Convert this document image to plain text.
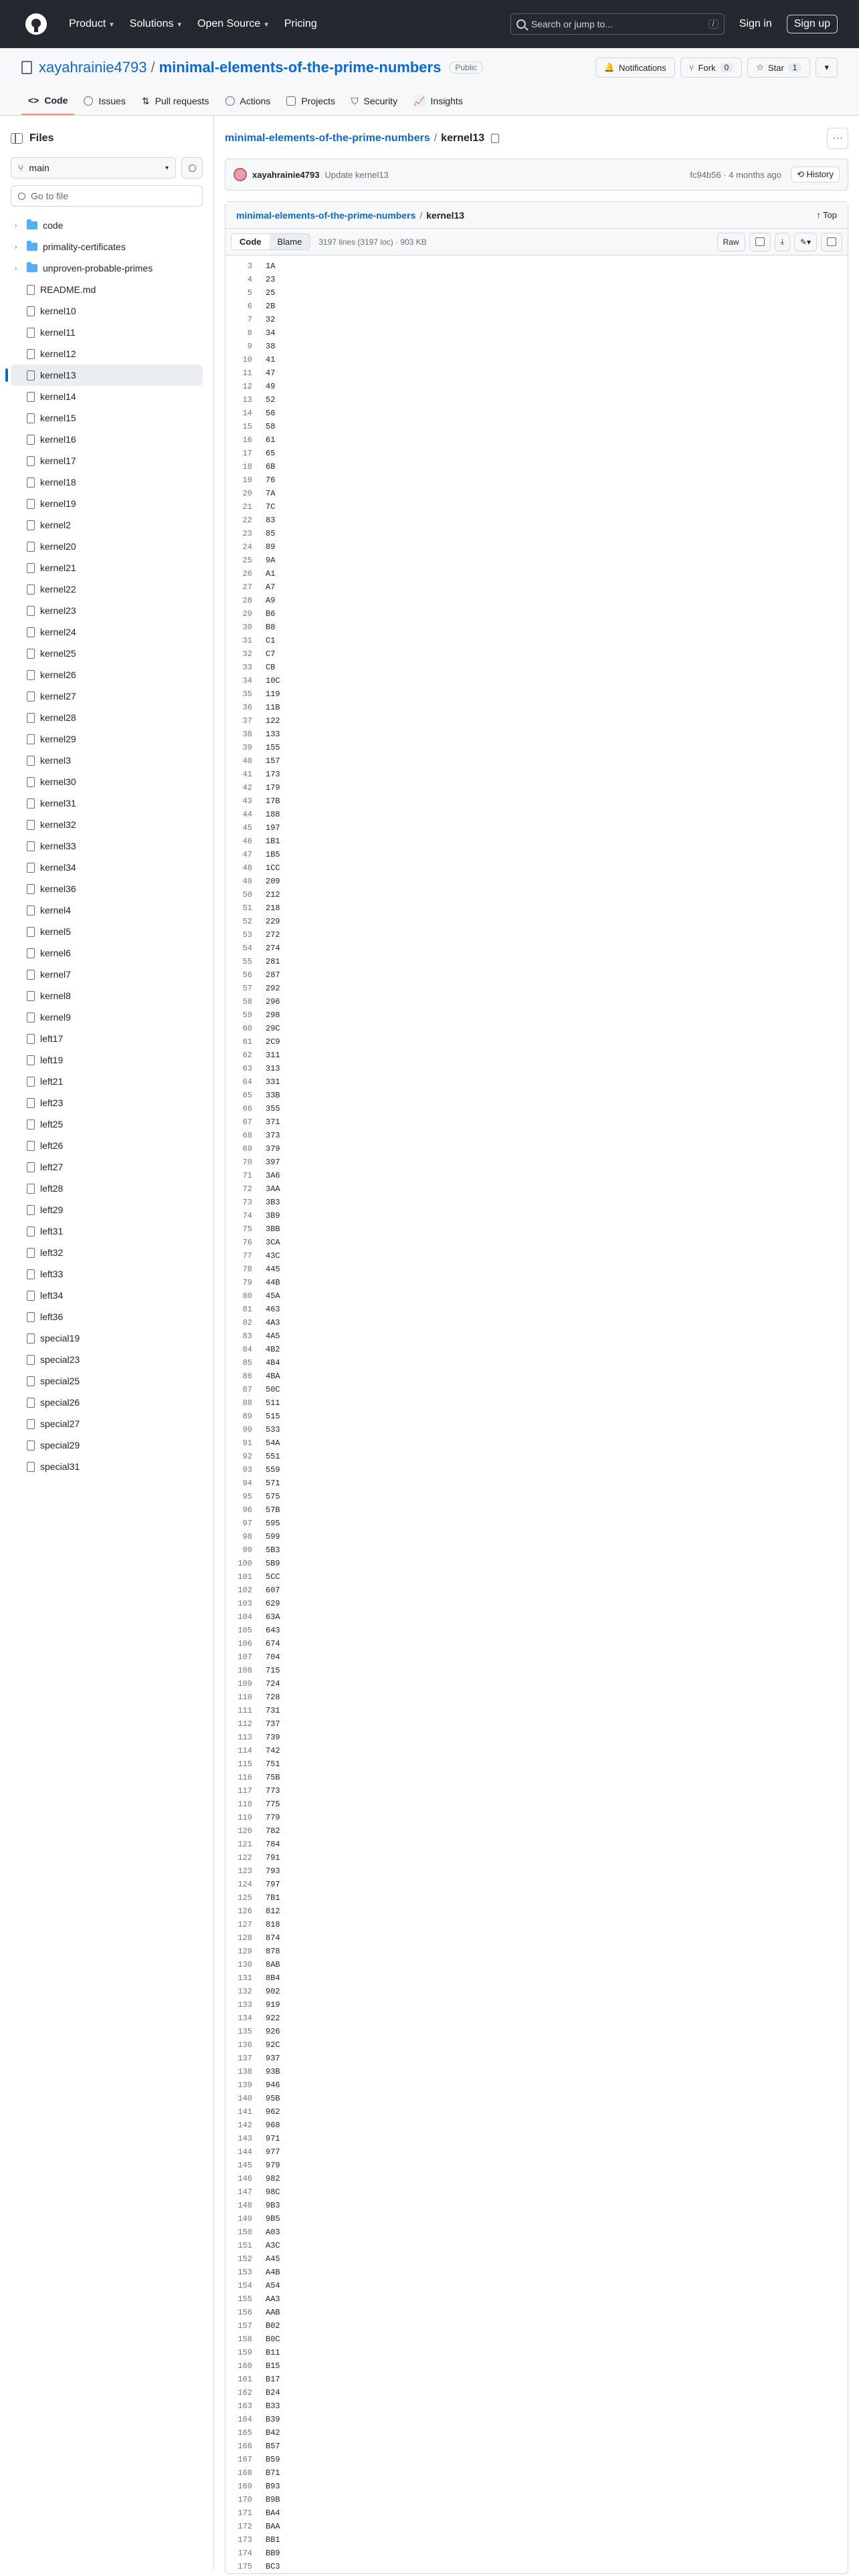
Product ▾ Solutions ▾ Open Source ▾ Pricing	Search or jump to...	/	Sign in	Sign up
xayahrainie4793 / minimal-elements-of-the-prime-numbers	Public	🔔 Notifications	⑂ Fork	0	☆ Star	1	▾
<> Code	Issues ⇅ Pull requests	Actions	Projects ⛉ Security 📈 Insights
Files
⑂ main	▾
Go to file
›	code
›	primality-certificates
›	unproven-probable-primes
README.md
kernel10
kernel11
kernel12
kernel13
kernel14
kernel15
kernel16
kernel17
kernel18
kernel19
kernel2
kernel20
kernel21
kernel22
kernel23
kernel24
kernel25
kernel26
kernel27
kernel28
kernel29
kernel3
kernel30
kernel31
kernel32
kernel33
kernel34
kernel36
kernel4
kernel5
kernel6
kernel7
kernel8
kernel9
left17
left19
left21
left23
left25
left26
left27
left28
left29
left31
left32
left33
left34
left36
special19
special23
special25
special26
special27
special29
special31
minimal-elements-of-the-prime-numbers / kernel13	···
xayahrainie4793 Update kernel13	fc94b56 · 4 months ago	⟲ History
minimal-elements-of-the-prime-numbers / kernel13	↑ Top
Code	Blame	3197 lines (3197 loc) · 903 KB	Raw	⤓ ✎ ▾
3	1A
4	23
5	25
6	2B
7	32
8	34
9	38
10	41
11	47
12	49
13	52
14	56
15	58
16	61
17	65
18	6B
19	76
20	7A
21	7C
22	83
23	85
24	89
25	9A
26	A1
27	A7
28	A9
29	B6
30	B8
31	C1
32	C7
33	CB
34	10C
35	119
36	11B
37	122
38	133
39	155
40	157
41	173
42	179
43	17B
44	188
45	197
46	1B1
47	1B5
48	1CC
49	209
50	212
51	218
52	229
53	272
54	274
55	281
56	287
57	292
58	296
59	298
60	29C
61	2C9
62	311
63	313
64	331
65	33B
66	355
67	371
68	373
69	379
70	397
71	3A6
72	3AA
73	3B3
74	3B9
75	3BB
76	3CA
77	43C
78	445
79	44B
80	45A
81	463
82	4A3
83	4A5
84	4B2
85	4B4
86	4BA
87	50C
88	511
89	515
90	533
91	54A
92	551
93	559
94	571
95	575
96	57B
97	595
98	599
99	5B3
100	5B9
101	5CC
102	607
103	629
104	63A
105	643
106	674
107	704
108	715
109	724
110	728
111	731
112	737
113	739
114	742
115	751
116	75B
117	773
118	775
119	779
120	782
121	784
122	791
123	793
124	797
125	7B1
126	812
127	818
128	874
129	878
130	8AB
131	8B4
132	902
133	919
134	922
135	926
136	92C
137	937
138	93B
139	946
140	95B
141	962
142	968
143	971
144	977
145	979
146	982
147	98C
148	9B3
149	9B5
150	A03
151	A3C
152	A45
153	A4B
154	A54
155	AA3
156	AAB
157	B02
158	B0C
159	B11
160	B15
161	B17
162	B24
163	B33
164	B39
165	B42
166	B57
167	B59
168	B71
169	B93
170	B9B
171	BA4
172	BAA
173	BB1
174	BB9
175	BC3
